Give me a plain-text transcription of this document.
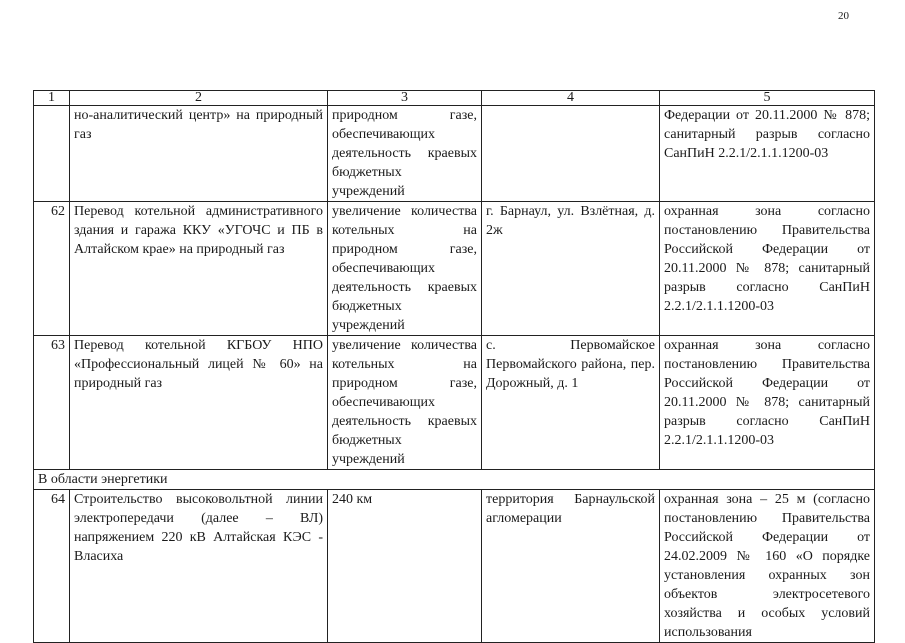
20
1	2	3	4	5
	но-аналитический центр» на природный газ	природном газе, обеспечивающих деятельность краевых бюджетных учреждений		Федерации от 20.11.2000 № 878; санитарный разрыв согласно СанПиН 2.2.1/2.1.1.1200-03
62	Перевод котельной административного здания и гаража ККУ «УГОЧС и ПБ в Алтайском крае» на природный газ	увеличение количества котельных на природном газе, обеспечивающих деятельность краевых бюджетных учреждений	г. Барнаул, ул. Взлётная, д. 2ж	охранная зона согласно постановлению Правительства Российской Федерации от 20.11.2000 № 878; санитарный разрыв согласно СанПиН 2.2.1/2.1.1.1200-03
63	Перевод котельной КГБОУ НПО «Профессиональный лицей № 60» на природный газ	увеличение количества котельных на природном газе, обеспечивающих деятельность краевых бюджетных учреждений	с. Первомайское Первомайского района, пер. Дорожный, д. 1	охранная зона согласно постановлению Правительства Российской Федерации от 20.11.2000 № 878; санитарный разрыв согласно СанПиН 2.2.1/2.1.1.1200-03
В области энергетики				
64	Строительство высоковольтной линии электропередачи (далее – ВЛ) напряжением 220 кВ Алтайская КЭС - Власиха	240 км	территория Барнаульской агломерации	охранная зона – 25 м (согласно постановлению Правительства Российской Федерации от 24.02.2009 № 160 «О порядке установления охранных зон объектов электросетевого хозяйства и особых условий использования
